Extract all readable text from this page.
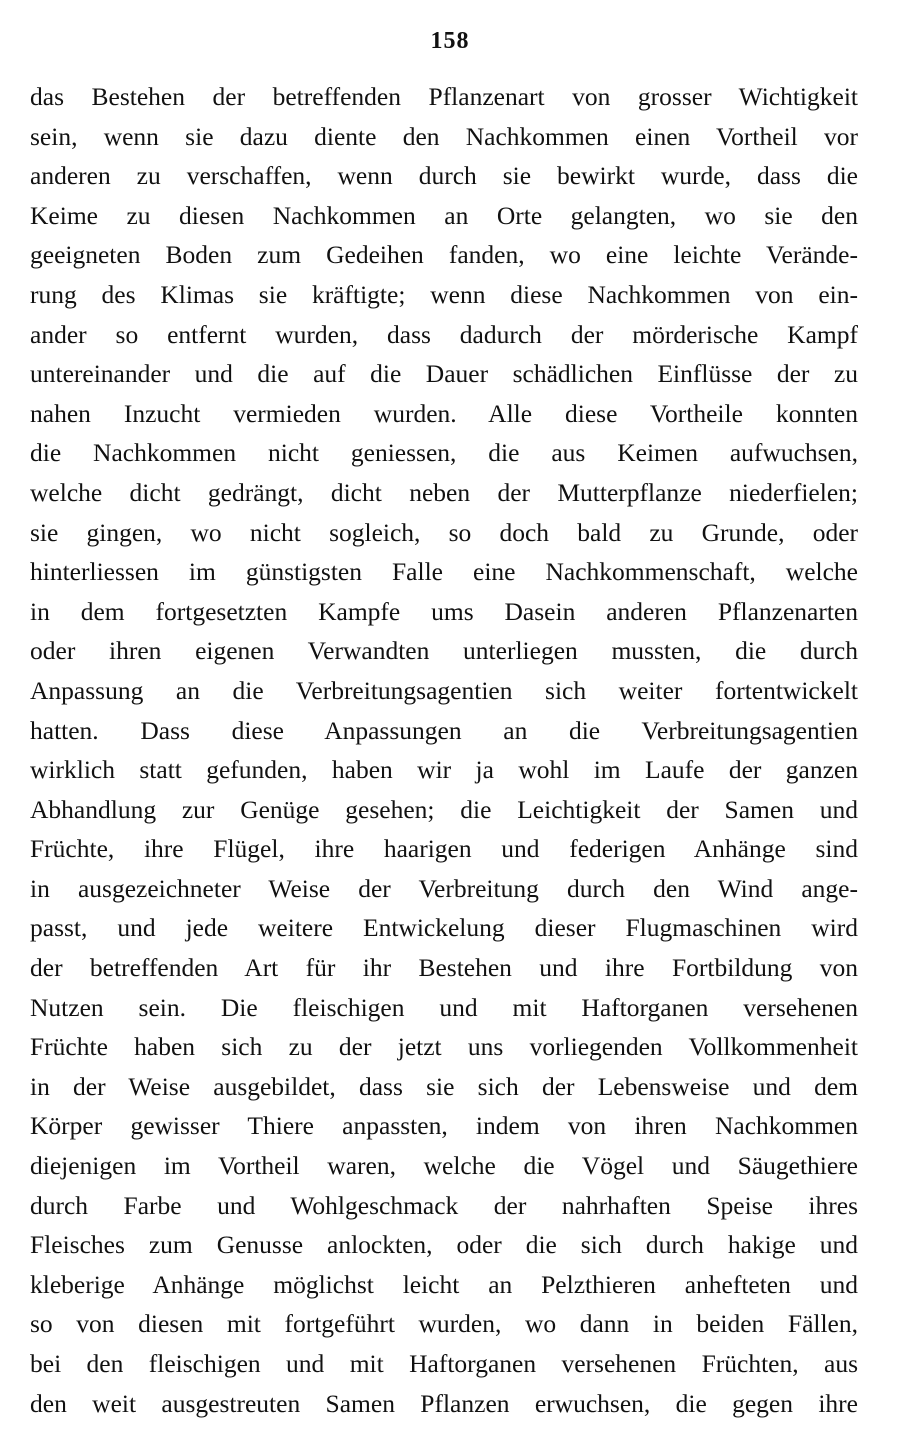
158
das Bestehen der betreffenden Pflanzenart von grosser Wichtigkeit
sein, wenn sie dazu diente den Nachkommen einen Vortheil vor
anderen zu verschaffen, wenn durch sie bewirkt wurde, dass die
Keime zu diesen Nachkommen an Orte gelangten, wo sie den
geeigneten Boden zum Gedeihen fanden, wo eine leichte Verände-
rung des Klimas sie kräftigte; wenn diese Nachkommen von ein-
ander so entfernt wurden, dass dadurch der mörderische Kampf
untereinander und die auf die Dauer schädlichen Einflüsse der zu
nahen Inzucht vermieden wurden. Alle diese Vortheile konnten
die Nachkommen nicht geniessen, die aus Keimen aufwuchsen,
welche dicht gedrängt, dicht neben der Mutterpflanze niederfielen;
sie gingen, wo nicht sogleich, so doch bald zu Grunde, oder
hinterliessen im günstigsten Falle eine Nachkommenschaft, welche
in dem fortgesetzten Kampfe ums Dasein anderen Pflanzenarten
oder ihren eigenen Verwandten unterliegen mussten, die durch
Anpassung an die Verbreitungsagentien sich weiter fortentwickelt
hatten. Dass diese Anpassungen an die Verbreitungsagentien
wirklich statt gefunden, haben wir ja wohl im Laufe der ganzen
Abhandlung zur Genüge gesehen; die Leichtigkeit der Samen und
Früchte, ihre Flügel, ihre haarigen und federigen Anhänge sind
in ausgezeichneter Weise der Verbreitung durch den Wind ange-
passt, und jede weitere Entwickelung dieser Flugmaschinen wird
der betreffenden Art für ihr Bestehen und ihre Fortbildung von
Nutzen sein. Die fleischigen und mit Haftorganen versehenen
Früchte haben sich zu der jetzt uns vorliegenden Vollkommenheit
in der Weise ausgebildet, dass sie sich der Lebensweise und dem
Körper gewisser Thiere anpassten, indem von ihren Nachkommen
diejenigen im Vortheil waren, welche die Vögel und Säugethiere
durch Farbe und Wohlgeschmack der nahrhaften Speise ihres
Fleisches zum Genusse anlockten, oder die sich durch hakige und
kleberige Anhänge möglichst leicht an Pelzthieren anhefteten und
so von diesen mit fortgeführt wurden, wo dann in beiden Fällen,
bei den fleischigen und mit Haftorganen versehenen Früchten, aus
den weit ausgestreuten Samen Pflanzen erwuchsen, die gegen ihre
